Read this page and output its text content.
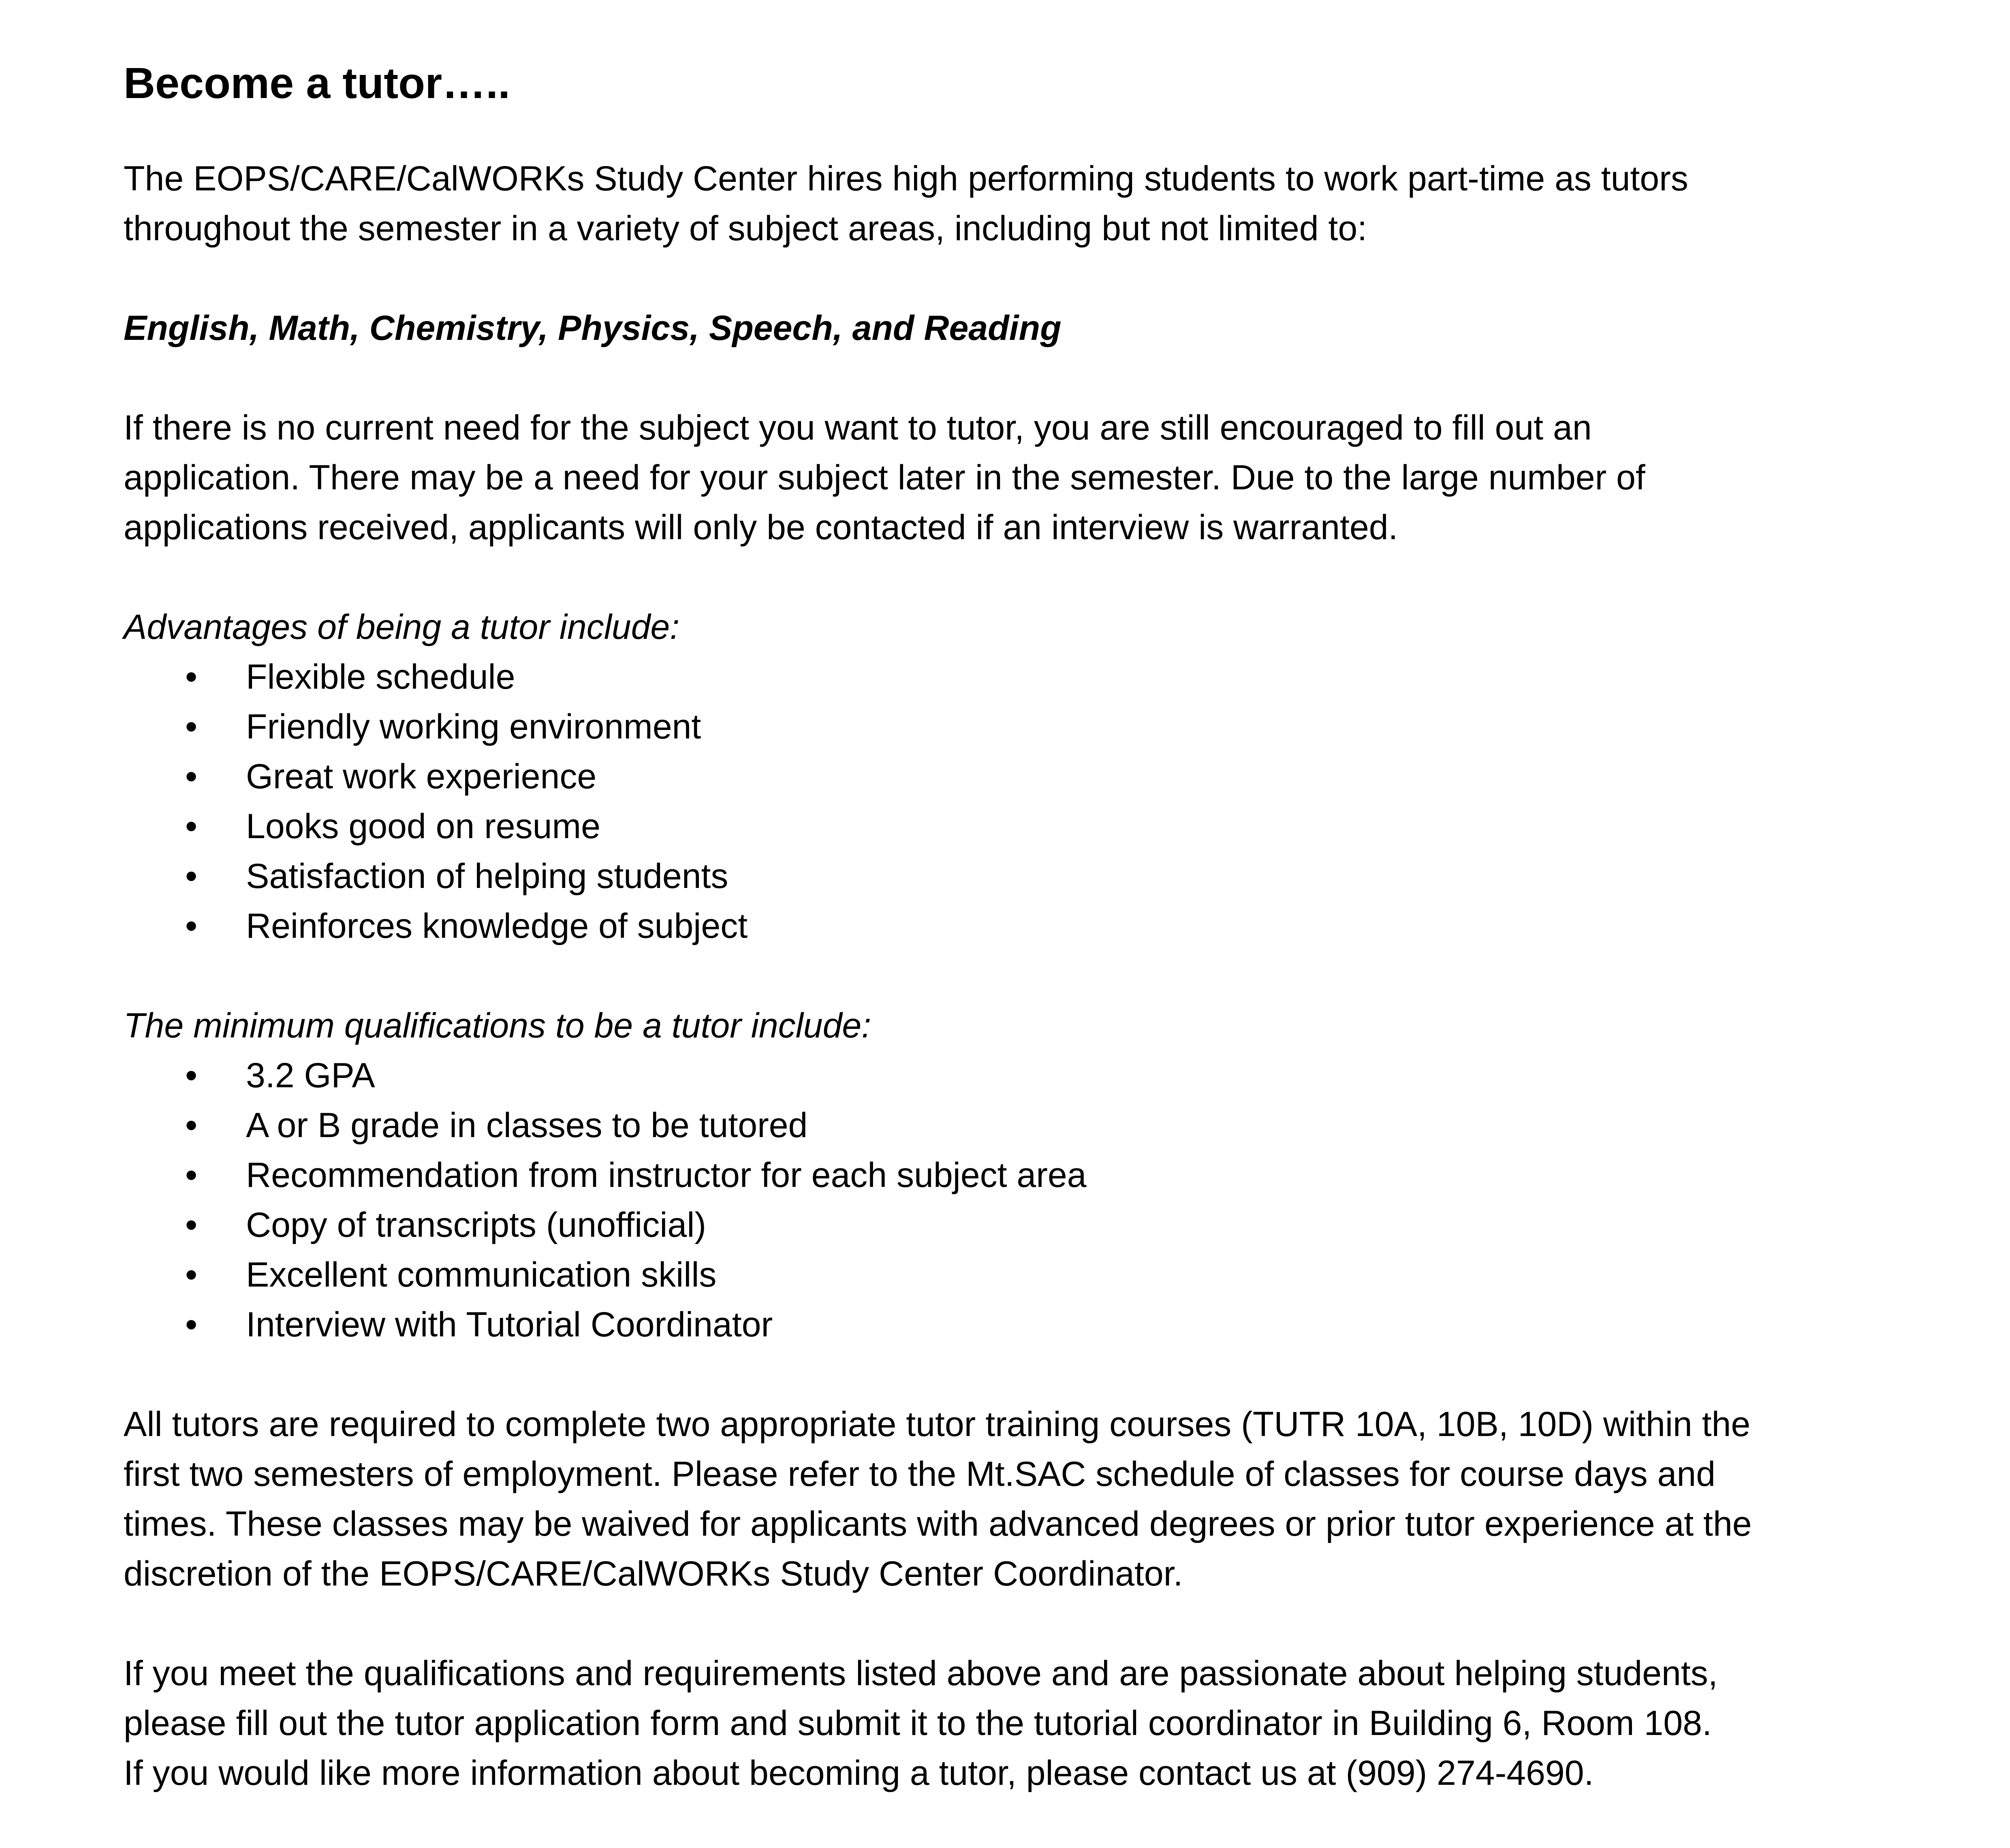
Become a tutor…..

The EOPS/CARE/CalWORKs Study Center hires high performing students to work part-time as tutors
throughout the semester in a variety of subject areas, including but not limited to:

English, Math, Chemistry, Physics, Speech, and Reading

If there is no current need for the subject you want to tutor, you are still encouraged to fill out an
application. There may be a need for your subject later in the semester. Due to the large number of
applications received, applicants will only be contacted if an interview is warranted.

Advantages of being a tutor include:

• Flexible schedule
• Friendly working environment
• Great work experience
• Looks good on resume
• Satisfaction of helping students
• Reinforces knowledge of subject

The minimum qualifications to be a tutor include:

• 3.2 GPA
• A or B grade in classes to be tutored
• Recommendation from instructor for each subject area
• Copy of transcripts (unofficial)
• Excellent communication skills
• Interview with Tutorial Coordinator

All tutors are required to complete two appropriate tutor training courses (TUTR 10A, 10B, 10D) within the
first two semesters of employment. Please refer to the Mt.SAC schedule of classes for course days and
times. These classes may be waived for applicants with advanced degrees or prior tutor experience at the
discretion of the EOPS/CARE/CalWORKs Study Center Coordinator.

If you meet the qualifications and requirements listed above and are passionate about helping students,
please fill out the tutor application form and submit it to the tutorial coordinator in Building 6, Room 108.
If you would like more information about becoming a tutor, please contact us at (909) 274-4690.
